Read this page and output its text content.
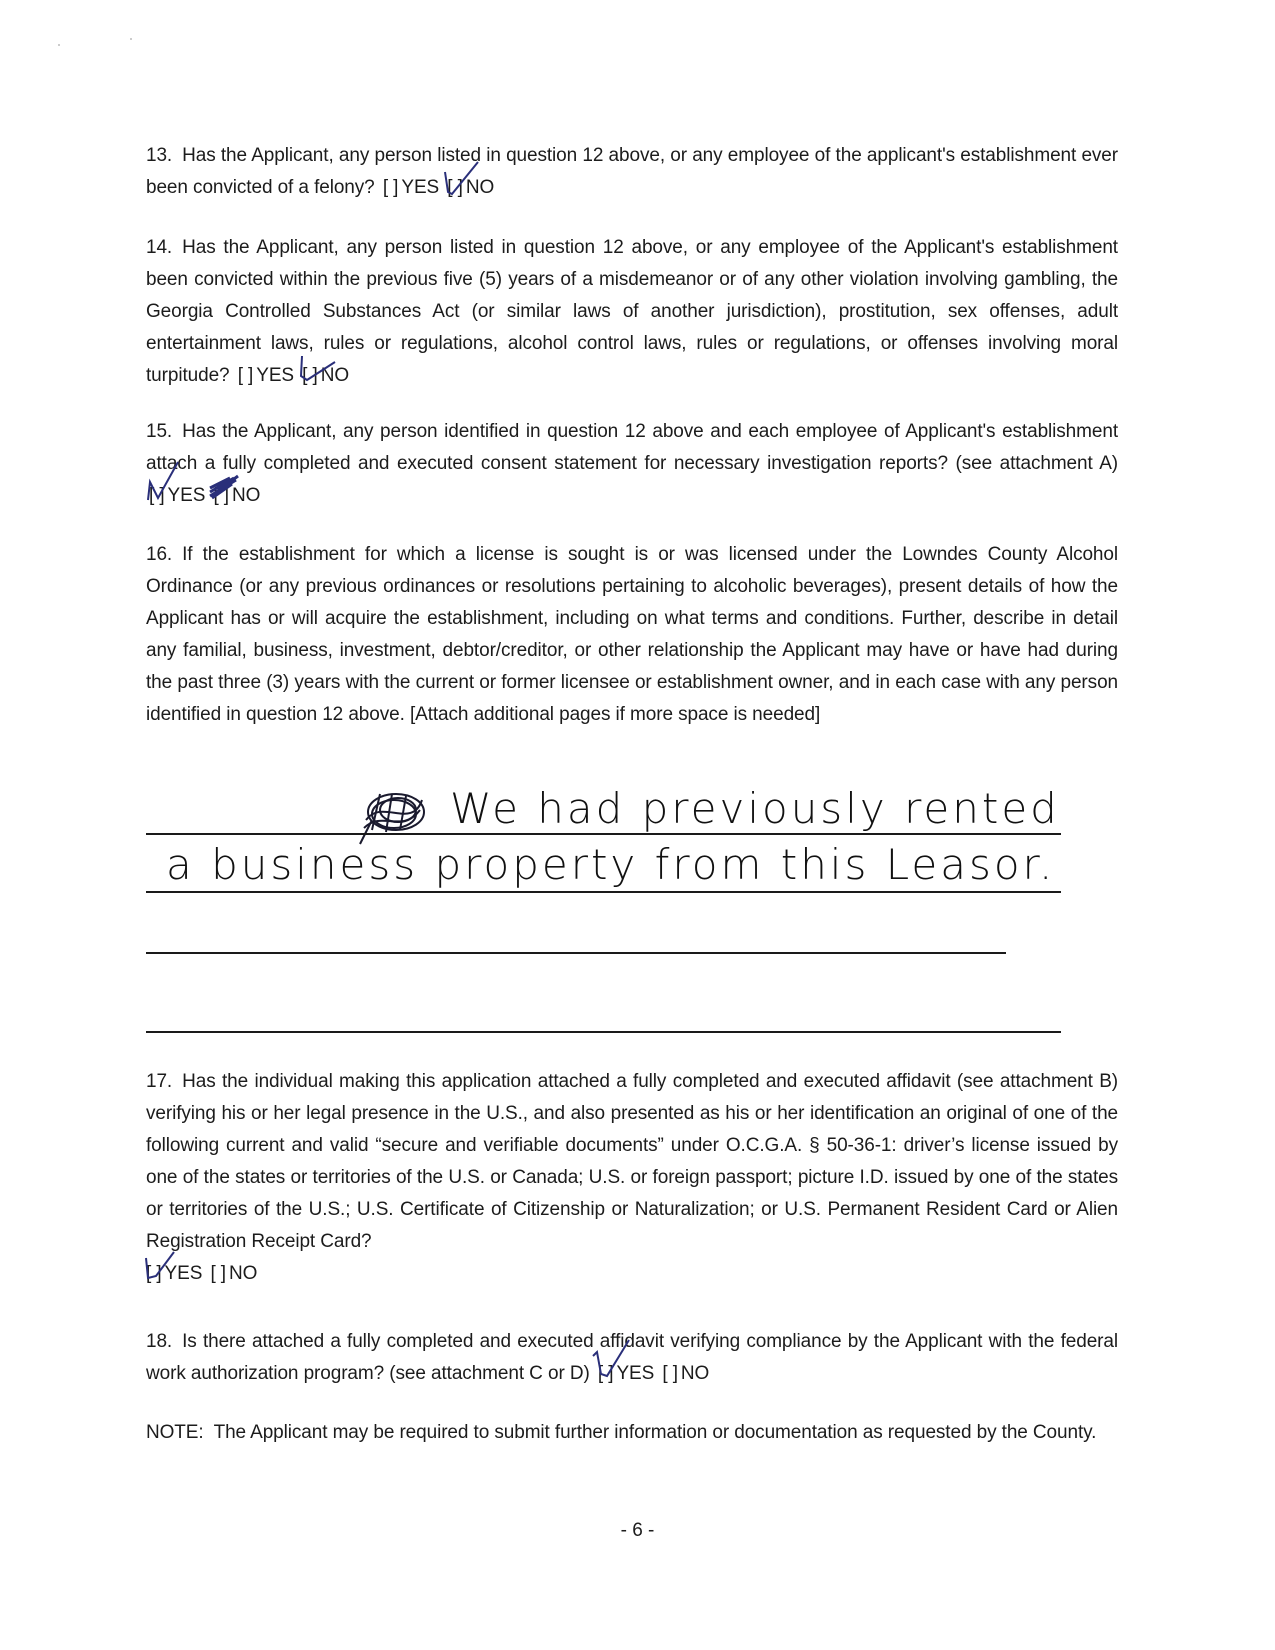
13. Has the Applicant, any person listed in question 12 above, or any employee of the applicant's establishment ever been convicted of a felony? [ ] YES [ ] NO
14. Has the Applicant, any person listed in question 12 above, or any employee of the Applicant's establishment been convicted within the previous five (5) years of a misdemeanor or of any other violation involving gambling, the Georgia Controlled Substances Act (or similar laws of another jurisdiction), prostitution, sex offenses, adult entertainment laws, rules or regulations, alcohol control laws, rules or regulations, or offenses involving moral turpitude? [ ] YES [ ] NO
15. Has the Applicant, any person identified in question 12 above and each employee of Applicant's establishment attach a fully completed and executed consent statement for necessary investigation reports? (see attachment A) [ ] YES [ ] NO
16. If the establishment for which a license is sought is or was licensed under the Lowndes County Alcohol Ordinance (or any previous ordinances or resolutions pertaining to alcoholic beverages), present details of how the Applicant has or will acquire the establishment, including on what terms and conditions. Further, describe in detail any familial, business, investment, debtor/creditor, or other relationship the Applicant may have or have had during the past three (3) years with the current or former licensee or establishment owner, and in each case with any person identified in question 12 above. [Attach additional pages if more space is needed]
We had previously rented
a business property from this Leasor.
17. Has the individual making this application attached a fully completed and executed affidavit (see attachment B) verifying his or her legal presence in the U.S., and also presented as his or her identification an original of one of the following current and valid “secure and verifiable documents” under O.C.G.A. § 50-36-1: driver’s license issued by one of the states or territories of the U.S. or Canada; U.S. or foreign passport; picture I.D. issued by one of the states or territories of the U.S.; U.S. Certificate of Citizenship or Naturalization; or U.S. Permanent Resident Card or Alien Registration Receipt Card?
[ ] YES [ ] NO
18. Is there attached a fully completed and executed affidavit verifying compliance by the Applicant with the federal work authorization program? (see attachment C or D) [ ] YES [ ] NO
NOTE: The Applicant may be required to submit further information or documentation as requested by the County.
- 6 -
